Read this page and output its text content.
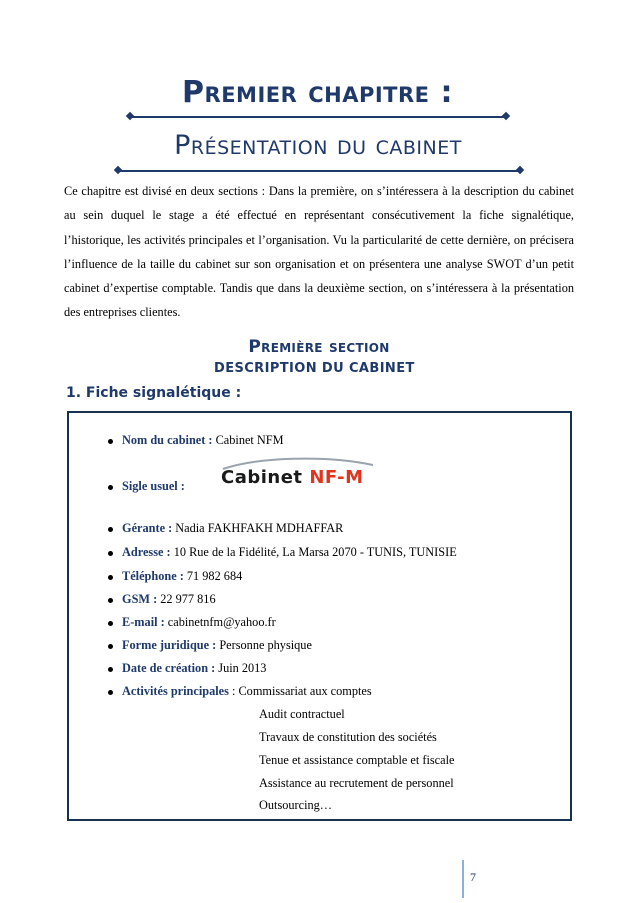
Premier chapitre :
Présentation du cabinet
Ce chapitre est divisé en deux sections : Dans la première, on s’intéressera à la description du cabinet au sein duquel le stage a été effectué en représentant consécutivement la fiche signalétique, l’historique, les activités principales et l’organisation. Vu la particularité de cette dernière, on précisera l’influence de la taille du cabinet sur son organisation et on présentera une analyse SWOT d’un petit cabinet d’expertise comptable. Tandis que dans la deuxième section, on s’intéressera à la présentation des entreprises clientes.
Première section
DESCRIPTION DU CABINET
1. Fiche signalétique :
Nom du cabinet : Cabinet NFM
Sigle usuel : Cabinet NF-M
Gérante : Nadia FAKHFAKH MDHAFFAR
Adresse : 10 Rue de la Fidélité, La Marsa 2070 - TUNIS, TUNISIE
Téléphone : 71 982 684
GSM : 22 977 816
E-mail : cabinetnfm@yahoo.fr
Forme juridique : Personne physique
Date de création : Juin 2013
Activités principales : Commissariat aux comptes
Audit contractuel
Travaux de constitution des sociétés
Tenue et assistance comptable et fiscale
Assistance au recrutement de personnel
Outsourcing…
7
